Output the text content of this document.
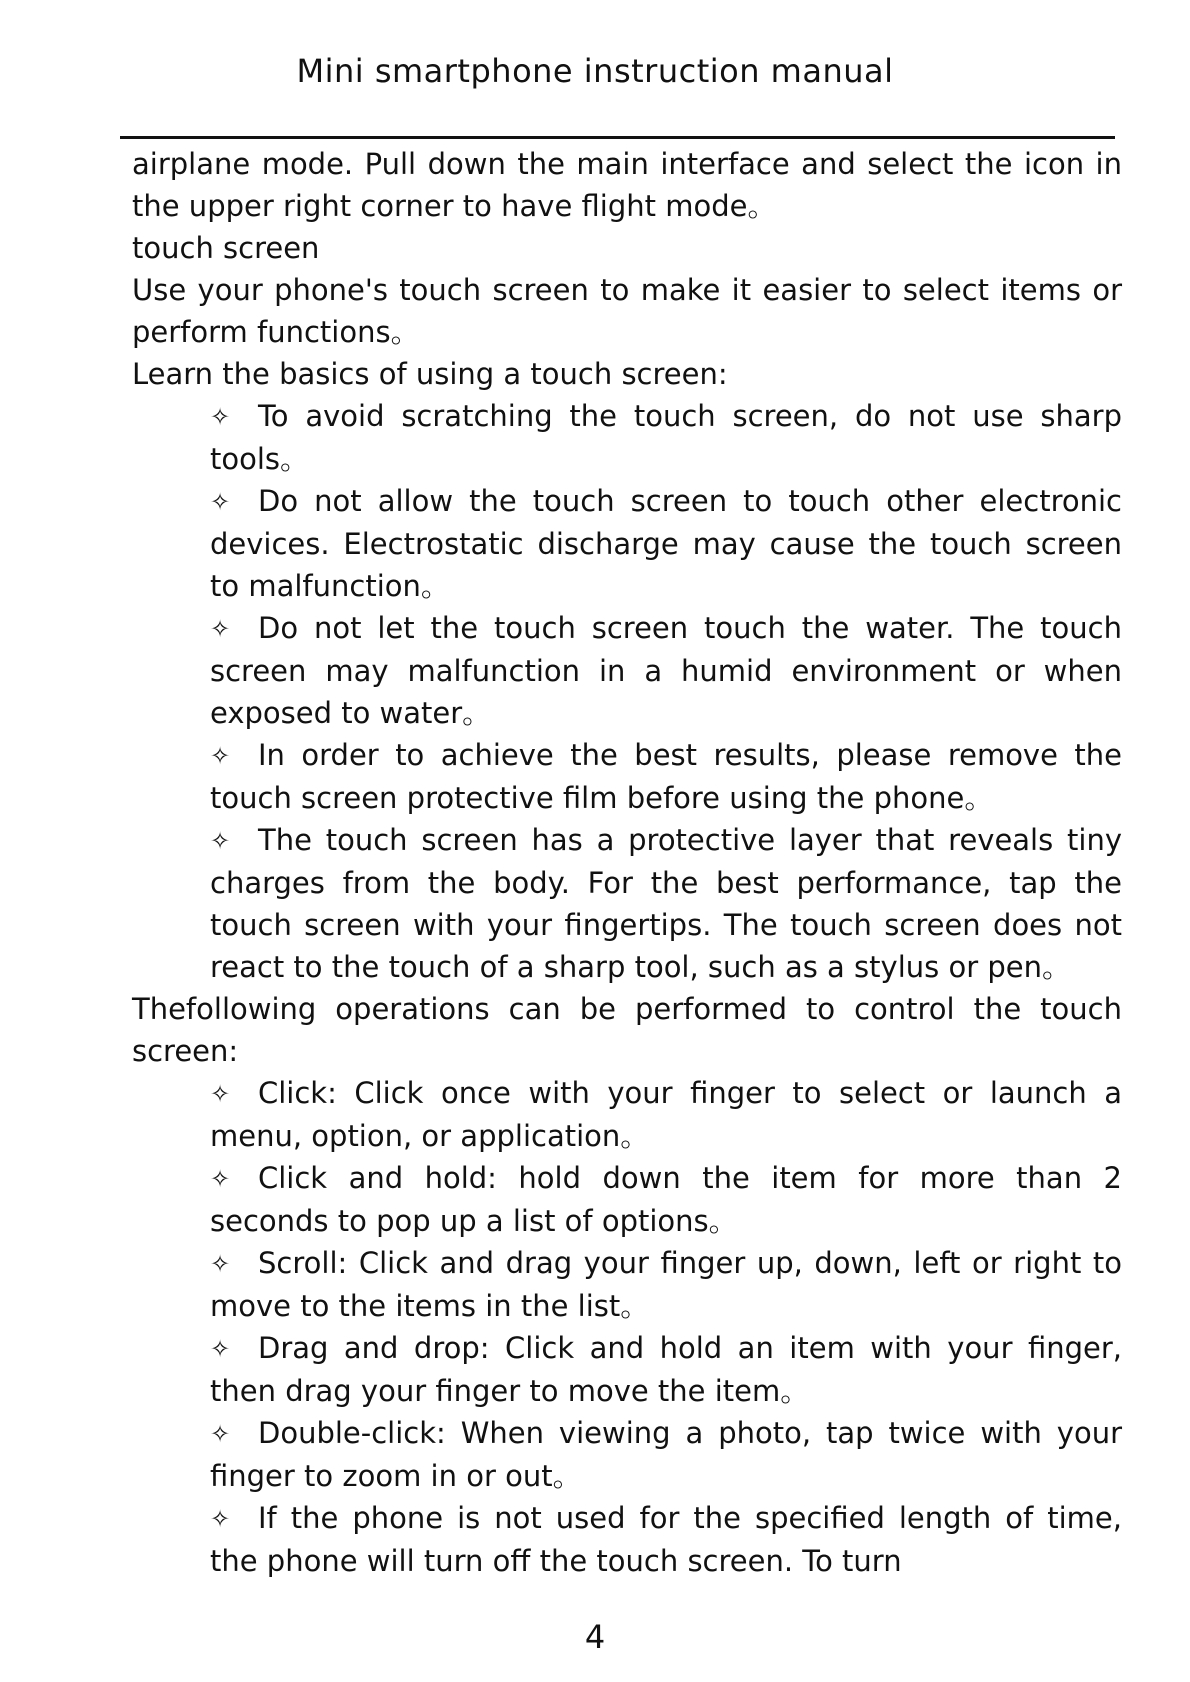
Mini smartphone instruction manual

airplane mode. Pull down the main interface and select the icon in the upper right corner to have flight mode。

touch screen

Use your phone's touch screen to make it easier to select items or perform functions。

Learn the basics of using a touch screen:

✧ To avoid scratching the touch screen, do not use sharp tools。

✧ Do not allow the touch screen to touch other electronic devices. Electrostatic discharge may cause the touch screen to malfunction。

✧ Do not let the touch screen touch the water. The touch screen may malfunction in a humid environment or when exposed to water。

✧ In order to achieve the best results, please remove the touch screen protective film before using the phone。

✧ The touch screen has a protective layer that reveals tiny charges from the body. For the best performance, tap the touch screen with your fingertips. The touch screen does not react to the touch of a sharp tool, such as a stylus or pen。

Thefollowing operations can be performed to control the touch screen:

✧ Click: Click once with your finger to select or launch a menu, option, or application。

✧ Click and hold: hold down the item for more than 2 seconds to pop up a list of options。

✧ Scroll: Click and drag your finger up, down, left or right to move to the items in the list。

✧ Drag and drop: Click and hold an item with your finger, then drag your finger to move the item。

✧ Double-click: When viewing a photo, tap twice with your finger to zoom in or out。

✧ If the phone is not used for the specified length of time, the phone will turn off the touch screen. To turn

4
